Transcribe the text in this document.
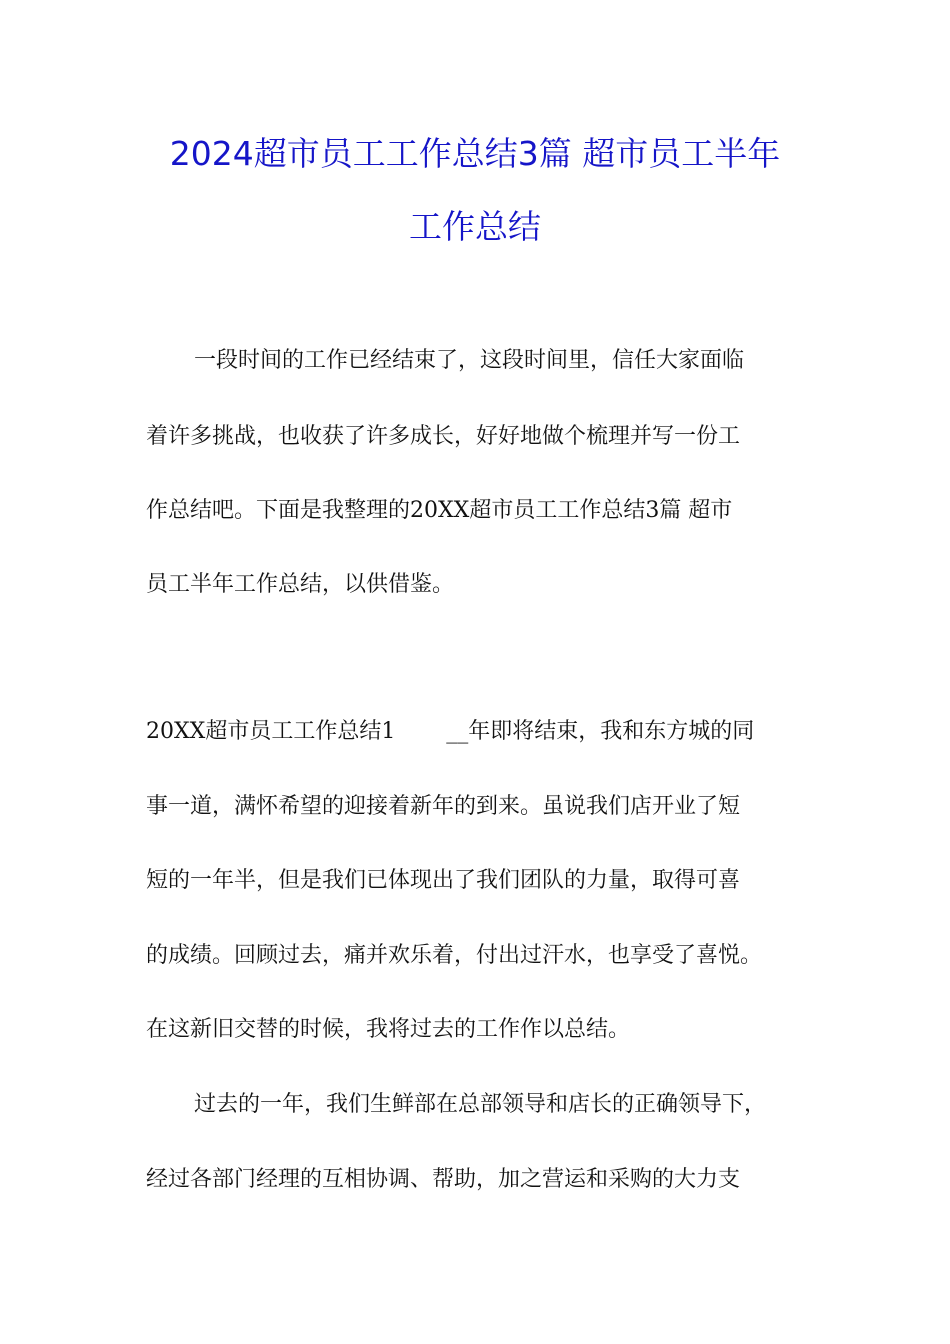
2024超市员工工作总结3篇 超市员工半年
工作总结
一段时间的工作已经结束了，这段时间里，信任大家面临
着许多挑战，也收获了许多成长，好好地做个梳理并写一份工
作总结吧。下面是我整理的20XX超市员工工作总结3篇 超市
员工半年工作总结，以供借鉴。
20XX超市员工工作总结1 　　__年即将结束，我和东方城的同
事一道，满怀希望的迎接着新年的到来。虽说我们店开业了短
短的一年半，但是我们已体现出了我们团队的力量，取得可喜
的成绩。回顾过去，痛并欢乐着，付出过汗水，也享受了喜悦。
在这新旧交替的时候，我将过去的工作作以总结。
过去的一年，我们生鲜部在总部领导和店长的正确领导下，
经过各部门经理的互相协调、帮助，加之营运和采购的大力支
